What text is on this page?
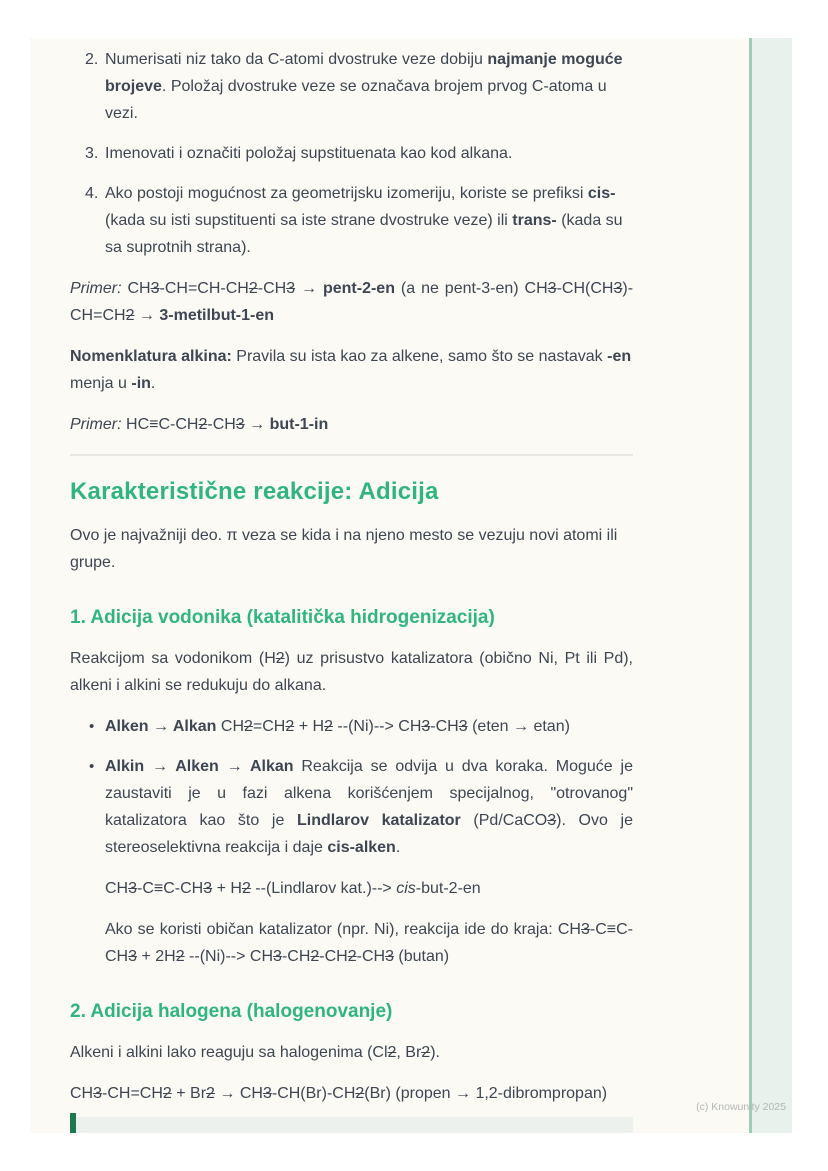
2. Numerisati niz tako da C-atomi dvostruke veze dobiju najmanje moguće brojeve. Položaj dvostruke veze se označava brojem prvog C-atoma u vezi.
3. Imenovati i označiti položaj supstituenata kao kod alkana.
4. Ako postoji mogućnost za geometrijsku izomeriju, koriste se prefiksi cis- (kada su isti supstituenti sa iste strane dvostruke veze) ili trans- (kada su sa suprotnih strana).

Primer: CH3-CH=CH-CH2-CH3 → pent-2-en (a ne pent-3-en) CH3-CH(CH3)-CH=CH2 → 3-metilbut-1-en

Nomenklatura alkina: Pravila su ista kao za alkene, samo što se nastavak -en menja u -in.

Primer: HC≡C-CH2-CH3 → but-1-in

Karakteristične reakcije: Adicija

Ovo je najvažniji deo. π veza se kida i na njeno mesto se vezuju novi atomi ili grupe.

1. Adicija vodonika (katalitička hidrogenizacija)

Reakcijom sa vodonikom (H2) uz prisustvo katalizatora (obično Ni, Pt ili Pd), alkeni i alkini se redukuju do alkana.

• Alken → Alkan CH2=CH2 + H2 --(Ni)--> CH3-CH3 (eten → etan)
• Alkin → Alken → Alkan Reakcija se odvija u dva koraka. Moguće je zaustaviti je u fazi alkena korišćenjem specijalnog, "otrovanog" katalizatora kao što je Lindlarov katalizator (Pd/CaCO3). Ovo je stereoselektivna reakcija i daje cis-alken.

CH3-C≡C-CH3 + H2 --(Lindlarov kat.)--> cis-but-2-en

Ako se koristi običan katalizator (npr. Ni), reakcija ide do kraja: CH3-C≡C-CH3 + 2H2 --(Ni)--> CH3-CH2-CH2-CH3 (butan)

2. Adicija halogena (halogenovanje)

Alkeni i alkini lako reaguju sa halogenima (Cl2, Br2).

CH3-CH=CH2 + Br2 → CH3-CH(Br)-CH2(Br) (propen → 1,2-dibrompropan)

(c) Knowunity 2025
